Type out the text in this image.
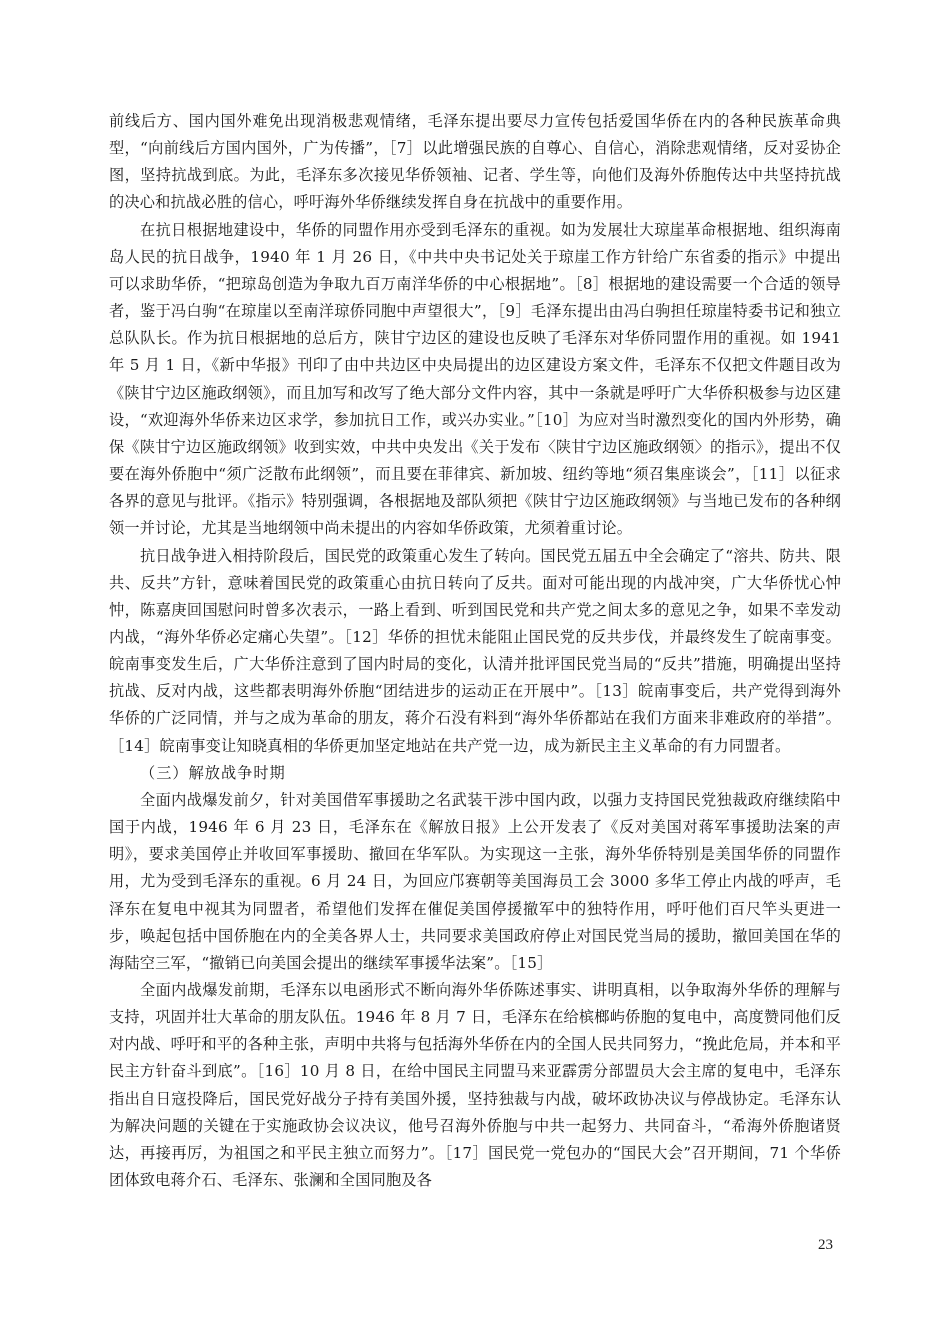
前线后方、国内国外难免出现消极悲观情绪，毛泽东提出要尽力宣传包括爱国华侨在内的各种民族革命典型，“向前线后方国内国外，广为传播”，［7］以此增强民族的自尊心、自信心，消除悲观情绪，反对妥协企图，坚持抗战到底。为此，毛泽东多次接见华侨领袖、记者、学生等，向他们及海外侨胞传达中共坚持抗战的决心和抗战必胜的信心，呼吁海外华侨继续发挥自身在抗战中的重要作用。

在抗日根据地建设中，华侨的同盟作用亦受到毛泽东的重视。如为发展壮大琼崖革命根据地、组织海南岛人民的抗日战争，1940 年 1 月 26 日，《中共中央书记处关于琼崖工作方针给广东省委的指示》中提出可以求助华侨，“把琼岛创造为争取九百万南洋华侨的中心根据地”。［8］根据地的建设需要一个合适的领导者，鉴于冯白驹“在琼崖以至南洋琼侨同胞中声望很大”，［9］毛泽东提出由冯白驹担任琼崖特委书记和独立总队队长。作为抗日根据地的总后方，陕甘宁边区的建设也反映了毛泽东对华侨同盟作用的重视。如 1941 年 5 月 1 日，《新中华报》刊印了由中共边区中央局提出的边区建设方案文件，毛泽东不仅把文件题目改为《陕甘宁边区施政纲领》，而且加写和改写了绝大部分文件内容，其中一条就是呼吁广大华侨积极参与边区建设，“欢迎海外华侨来边区求学，参加抗日工作，或兴办实业。”［10］为应对当时激烈变化的国内外形势，确保《陕甘宁边区施政纲领》收到实效，中共中央发出《关于发布〈陕甘宁边区施政纲领〉的指示》，提出不仅要在海外侨胞中“须广泛散布此纲领”，而且要在菲律宾、新加坡、纽约等地“须召集座谈会”，［11］以征求各界的意见与批评。《指示》特别强调，各根据地及部队须把《陕甘宁边区施政纲领》与当地已发布的各种纲领一并讨论，尤其是当地纲领中尚未提出的内容如华侨政策，尤须着重讨论。

抗日战争进入相持阶段后，国民党的政策重心发生了转向。国民党五届五中全会确定了“溶共、防共、限共、反共”方针，意味着国民党的政策重心由抗日转向了反共。面对可能出现的内战冲突，广大华侨忧心忡忡，陈嘉庚回国慰问时曾多次表示，一路上看到、听到国民党和共产党之间太多的意见之争，如果不幸发动内战，“海外华侨必定痛心失望”。［12］华侨的担忧未能阻止国民党的反共步伐，并最终发生了皖南事变。皖南事变发生后，广大华侨注意到了国内时局的变化，认清并批评国民党当局的“反共”措施，明确提出坚持抗战、反对内战，这些都表明海外侨胞“团结进步的运动正在开展中”。［13］皖南事变后，共产党得到海外华侨的广泛同情，并与之成为革命的朋友，蒋介石没有料到“海外华侨都站在我们方面来非难政府的举措”。［14］皖南事变让知晓真相的华侨更加坚定地站在共产党一边，成为新民主主义革命的有力同盟者。

（三）解放战争时期

全面内战爆发前夕，针对美国借军事援助之名武装干涉中国内政，以强力支持国民党独裁政府继续陷中国于内战，1946 年 6 月 23 日，毛泽东在《解放日报》上公开发表了《反对美国对蒋军事援助法案的声明》，要求美国停止并收回军事援助、撤回在华军队。为实现这一主张，海外华侨特别是美国华侨的同盟作用，尤为受到毛泽东的重视。6 月 24 日，为回应邝赛朝等美国海员工会 3000 多华工停止内战的呼声，毛泽东在复电中视其为同盟者，希望他们发挥在催促美国停援撤军中的独特作用，呼吁他们百尺竿头更进一步，唤起包括中国侨胞在内的全美各界人士，共同要求美国政府停止对国民党当局的援助，撤回美国在华的海陆空三军，“撤销已向美国会提出的继续军事援华法案”。［15］

全面内战爆发前期，毛泽东以电函形式不断向海外华侨陈述事实、讲明真相，以争取海外华侨的理解与支持，巩固并壮大革命的朋友队伍。1946 年 8 月 7 日，毛泽东在给槟榔屿侨胞的复电中，高度赞同他们反对内战、呼吁和平的各种主张，声明中共将与包括海外华侨在内的全国人民共同努力，“挽此危局，并本和平民主方针奋斗到底”。［16］10 月 8 日，在给中国民主同盟马来亚霹雳分部盟员大会主席的复电中，毛泽东指出自日寇投降后，国民党好战分子持有美国外援，坚持独裁与内战，破坏政协决议与停战协定。毛泽东认为解决问题的关键在于实施政协会议决议，他号召海外侨胞与中共一起努力、共同奋斗，“希海外侨胞诸贤达，再接再厉，为祖国之和平民主独立而努力”。［17］国民党一党包办的“国民大会”召开期间，71 个华侨团体致电蒋介石、毛泽东、张澜和全国同胞及各

23
